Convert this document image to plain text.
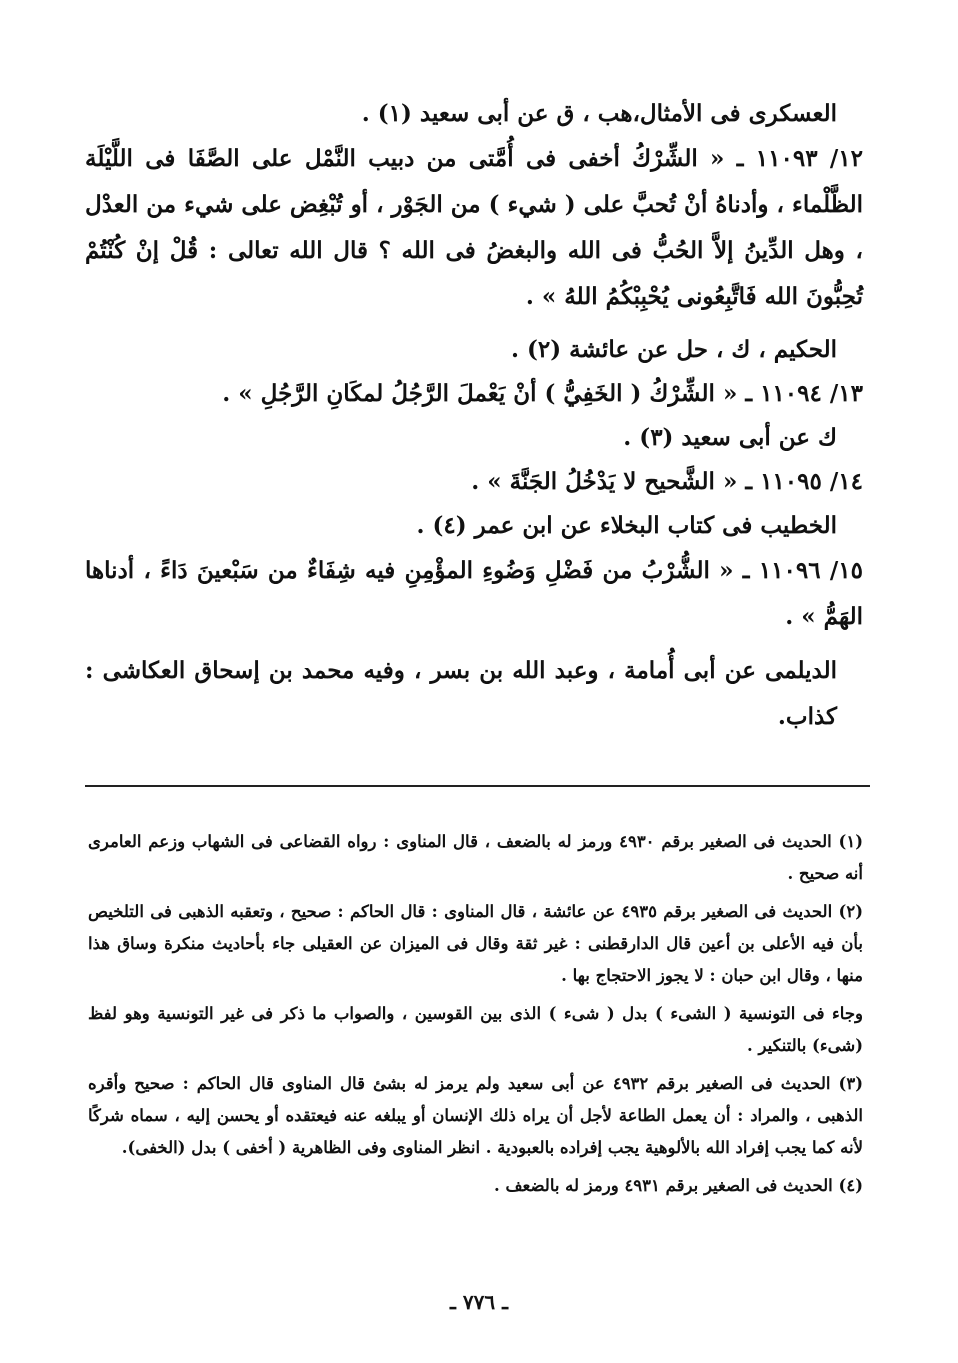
العسكرى فى الأمثال،هب ، ق عن أبى سعيد (١) .

١٢/ ١١٠٩٣ ـ « الشِّرْكُ أخفى فى أُمَّتى من دبيب النَّمْل على الصَّفَا فى اللَّيْلَة الظَّلْماء ، وأدناهُ أنْ تُحبَّ على ( شيء ) من الجَوْر ، أو تُبْغِض على شيء من العدْل ، وهل الدِّينُ إلاَّ الحُبُّ فى الله والبغضُ فى الله ؟ قال الله تعالى : قُلْ إنْ كُنْتُمْ تُحِبُّونَ الله فَاتَّبِعُونى يُحْبِبْكُمُ اللهُ » .

الحكيم ، ك ، حل عن عائشة (٢) .

١٣/ ١١٠٩٤ ـ « الشِّرْكُ ( الخَفِيُّ ) أنْ يَعْملَ الرَّجُلُ لمكَانِ الرَّجُلِ » .

ك عن أبى سعيد (٣) .

١٤/ ١١٠٩٥ ـ « الشَّحيح لا يَدْخُلُ الجَنَّةَ » .

الخطيب فى كتاب البخلاء عن ابن عمر (٤) .

١٥/ ١١٠٩٦ ـ « الشُّرْبُ من فَضْلِ وَضُوءِ المؤْمِنِ فيه شِفَاءٌ من سَبْعينَ دَاءً ، أدناها الهَمُّ » .

الديلمى عن أبى أُمامة ، وعبد الله بن بسر ، وفيه محمد بن إسحاق العكاشى : كذاب.

(١) الحديث فى الصغير برقم ٤٩٣٠ ورمز له بالضعف ، قال المناوى : رواه القضاعى فى الشهاب وزعم العامرى أنه صحيح .

(٢) الحديث فى الصغير برقم ٤٩٣٥ عن عائشة ، قال المناوى : قال الحاكم : صحيح ، وتعقبه الذهبى فى التلخيص بأن فيه الأعلى بن أعين قال الدارقطنى : غير ثقة وقال فى الميزان عن العقيلى جاء بأحاديث منكرة وساق هذا منها ، وقال ابن حبان : لا يجوز الاحتجاج بها .

وجاء فى التونسية ( الشىء ) بدل ( شىء ) الذى بين القوسين ، والصواب ما ذكر فى غير التونسية وهو لفظ (شىء) بالتنكير .

(٣) الحديث فى الصغير برقم ٤٩٣٢ عن أبى سعيد ولم يرمز له بشئ قال المناوى قال الحاكم : صحيح وأقره الذهبى ، والمراد : أن يعمل الطاعة لأجل أن يراه ذلك الإنسان أو يبلغه عنه فيعتقده أو يحسن إليه ، سماه شركًا لأنه كما يجب إفراد الله بالألوهية يجب إفراده بالعبودية . انظر المناوى وفى الظاهرية ( أخفى ) بدل (الخفى).

(٤) الحديث فى الصغير برقم ٤٩٣١ ورمز له بالضعف .

ـ ٧٧٦ ـ
